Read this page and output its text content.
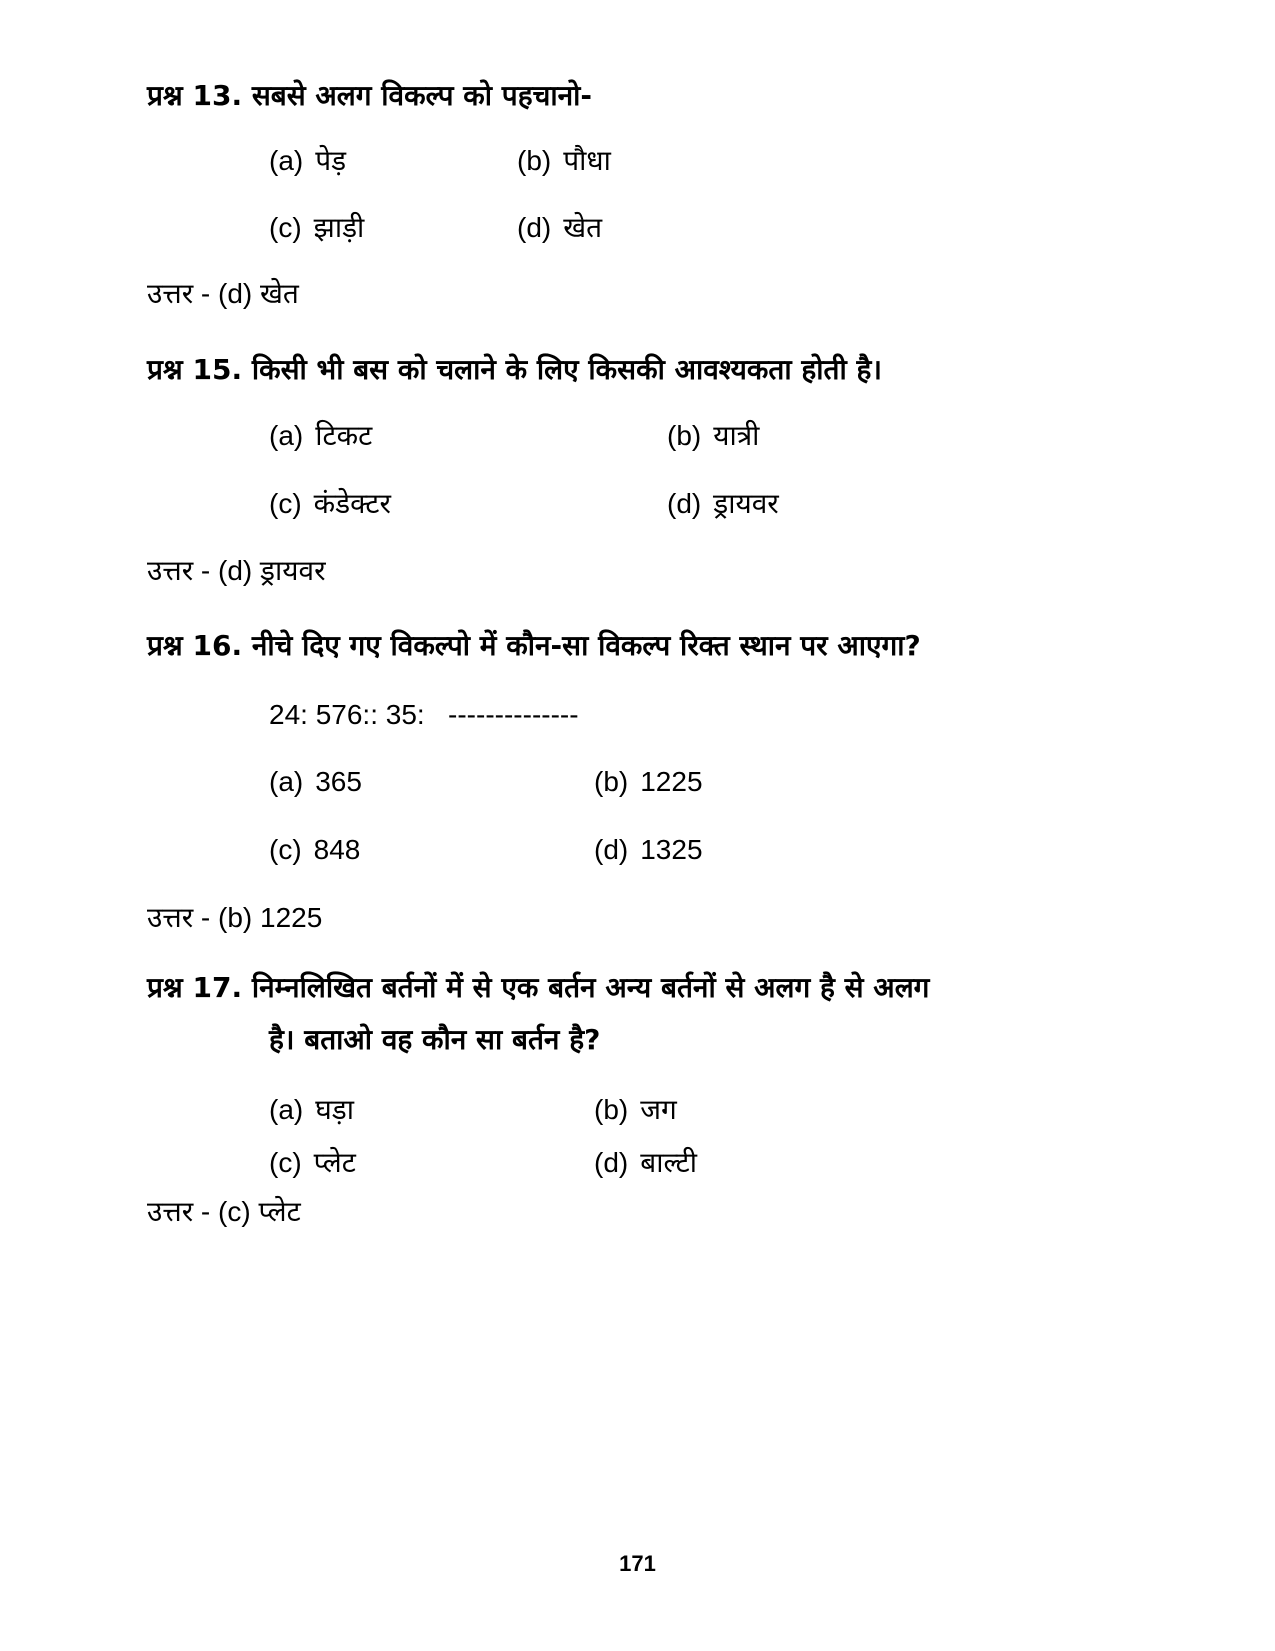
प्रश्न 13. सबसे अलग विकल्प को पहचानो-
(a) पेड़	(b) पौधा
(c) झाड़ी	(d) खेत
उत्तर - (d) खेत
प्रश्न 15. किसी भी बस को चलाने के लिए किसकी आवश्यकता होती है।
(a) टिकट	(b) यात्री
(c) कंडेक्टर	(d) ड्रायवर
उत्तर - (d) ड्रायवर
प्रश्न 16. नीचे दिए गए विकल्पो में कौन-सा विकल्प रिक्त स्थान पर आएगा?
24: 576:: 35:   --------------
(a) 365	(b) 1225
(c) 848	(d) 1325
उत्तर - (b) 1225
प्रश्न 17. निम्नलिखित बर्तनों में से एक बर्तन अन्य बर्तनों से अलग है से अलग
है। बताओ वह कौन सा बर्तन है?
(a) घड़ा	(b) जग
(c) प्लेट	(d) बाल्टी
उत्तर - (c) प्लेट
171
